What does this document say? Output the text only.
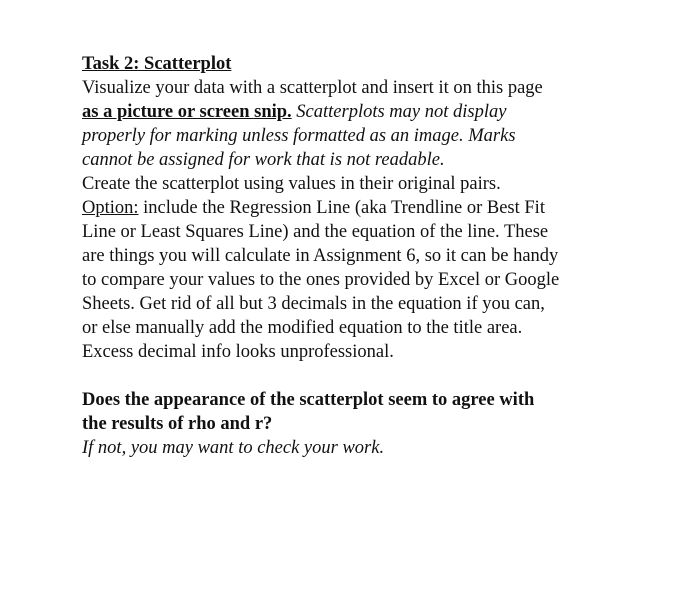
Task 2: Scatterplot
Visualize your data with a scatterplot and insert it on this page
as a picture or screen snip. Scatterplots may not display
properly for marking unless formatted as an image. Marks
cannot be assigned for work that is not readable.
Create the scatterplot using values in their original pairs.
Option: include the Regression Line (aka Trendline or Best Fit
Line or Least Squares Line) and the equation of the line. These
are things you will calculate in Assignment 6, so it can be handy
to compare your values to the ones provided by Excel or Google
Sheets. Get rid of all but 3 decimals in the equation if you can,
or else manually add the modified equation to the title area.
Excess decimal info looks unprofessional.
Does the appearance of the scatterplot seem to agree with
the results of rho and r?
If not, you may want to check your work.
